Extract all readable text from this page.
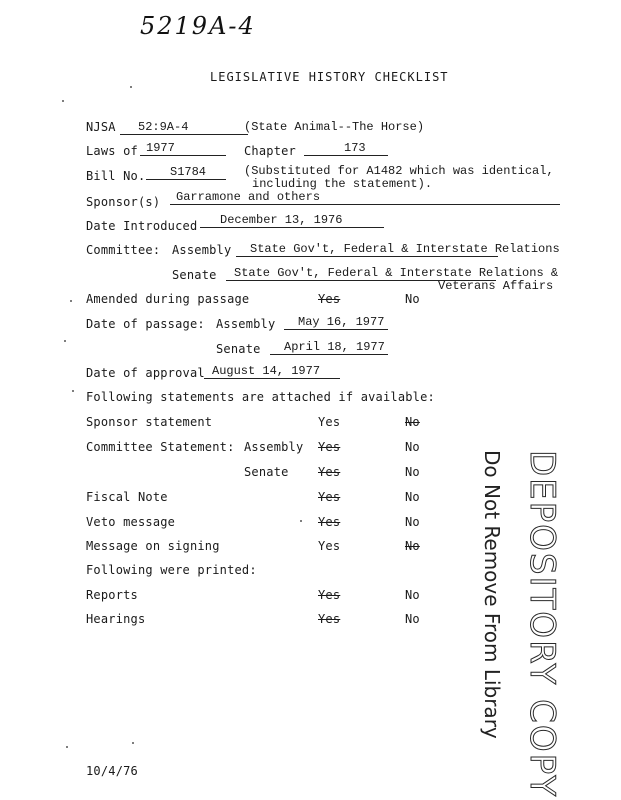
5219A-4
LEGISLATIVE HISTORY CHECKLIST
NJSA	52:9A-4	(State Animal--The Horse)
Laws of 1977	Chapter	173
Bill No.	S1784	(Substituted for A1482 which was identical,
including the statement).
Sponsor(s)	Garramone and others
Date Introduced	December 13, 1976
Committee: Assembly	State Gov't, Federal & Interstate Relations
Senate	State Gov't, Federal & Interstate Relations &
Veterans Affairs
Amended during passage	Yes	No
Date of passage: Assembly	May 16, 1977
Senate	April 18, 1977
Date of approval August 14, 1977
Following statements are attached if available:
Sponsor statement	Yes	No
Committee Statement: Assembly Yes	No
Senate Yes	No
Fiscal Note	Yes	No
Veto message	Yes	No
Message on signing	Yes	No
Following were printed:
Reports	Yes	No
Hearings	Yes	No	DEPOSITORY COPY
Do Not Remove From Library
10/4/76
